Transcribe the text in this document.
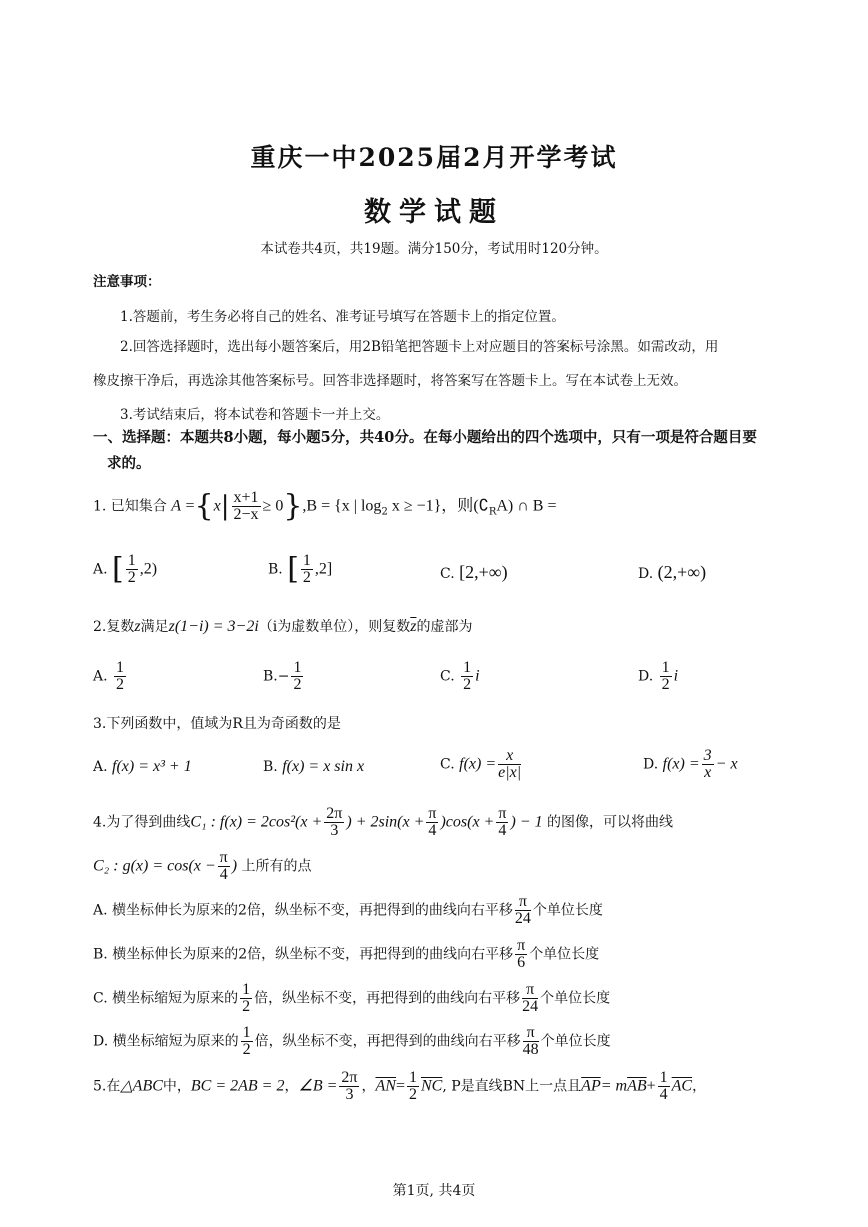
重庆一中2025届2月开学考试
数学试题
本试卷共4页，共19题。满分150分，考试用时120分钟。
注意事项：
1.答题前，考生务必将自己的姓名、准考证号填写在答题卡上的指定位置。
2.回答选择题时，选出每小题答案后，用2B铅笔把答题卡上对应题目的答案标号涂黑。如需改动，用
橡皮擦干净后，再选涂其他答案标号。回答非选择题时，将答案写在答题卡上。写在本试卷上无效。
3.考试结束后，将本试卷和答题卡一并上交。
一、选择题：本题共8小题，每小题5分，共40分。在每小题给出的四个选项中，只有一项是符合题目要
求的。
1. 已知集合 $A =\{x| \frac{x+1}{2-x} \ge 0\},B = \{x$ | $\log_2 x \ge -1$}，则$(∁_RA)$ ∩ B =
A. [ $\frac{1}{2} ,2$)	B. [ $\frac{1}{2} ,2$]	C. [2,+∞)	D. (2,+∞)
2.复数z满足z(1−i) = 3−2i（i为虚数单位），则复数$\overline{z}$的虚部为
A. $\frac{1}{2}$	$B.- \frac{1}{2}$	C. $\frac{1}{2}$ i	D. $\frac{1}{2}$ i
3.下列函数中，值域为R且为奇函数的是
A. f(x) = x³ + 1	B. f(x) = x sin x	C. $f(x) = \frac{x}{e|x|}$	D. $f(x) = \frac{3}{x} - x$
4.为了得到曲线C₁ : $f(x) = 2\cos^2(x + \frac{2\pi}{3}$ ) + $2\sin(x + \frac{\pi}{4} )\cos(x + \frac{\pi}{4}$ ) − 1 的图像，可以将曲线
C₂ : $g(x) = \cos(x - \frac{\pi}{4}$ ) 上所有的点
A. 横坐标伸长为原来的2倍，纵坐标不变，再把得到的曲线向右平移 $\frac{\pi}{24}$ 个单位长度
B. 横坐标伸长为原来的2倍，纵坐标不变，再把得到的曲线向右平移 $\frac{\pi}{6}$ 个单位长度
C. 横坐标缩短为原来的 $\frac{1}{2}$ 倍，纵坐标不变，再把得到的曲线向右平移 $\frac{\pi}{24}$ 个单位长度
D. 横坐标缩短为原来的 $\frac{1}{2}$ 倍，纵坐标不变，再把得到的曲线向右平移 $\frac{\pi}{48}$ 个单位长度
5.在△ABC中，BC = 2AB = 2，∠B = $\frac{2\pi}{3}$ ，$\overline{AN}= \frac{1}{2} \overline{NC}$, P是直线BN上一点且$\overline{AP}= m\overline{AB}+ \frac{1}{4} \overline{AC}$，
第1页, 共4页
